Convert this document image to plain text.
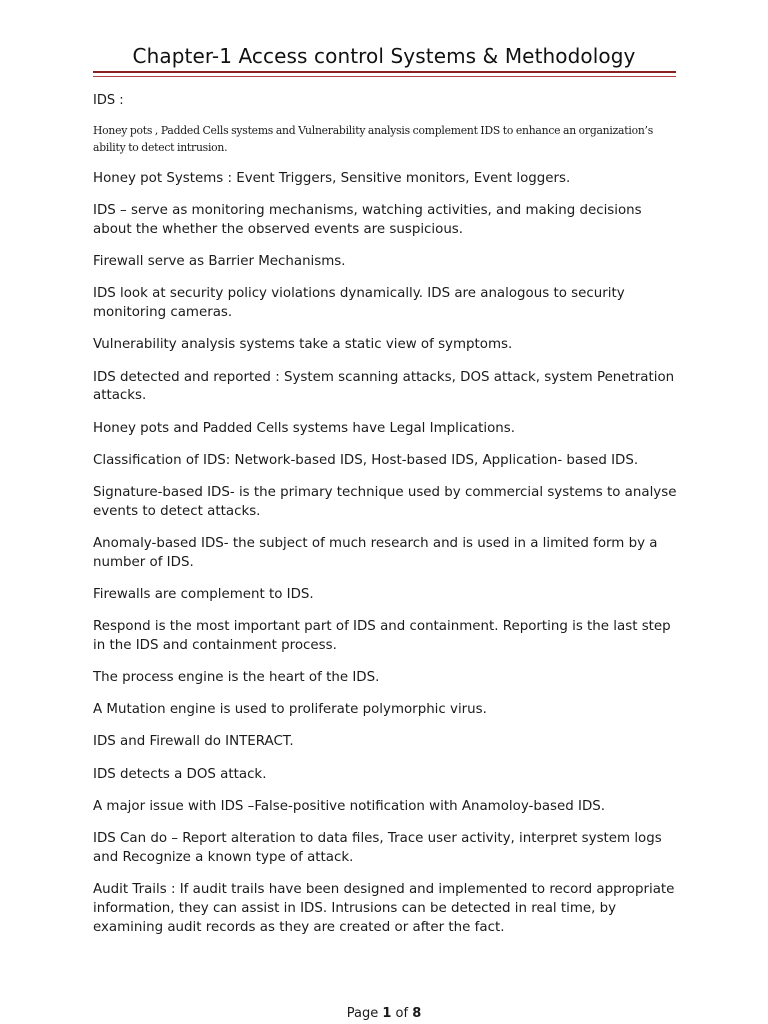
Chapter-1 Access control Systems & Methodology
IDS :
Honey pots , Padded Cells systems and Vulnerability analysis complement IDS to enhance an organization’s ability to detect intrusion.

Honey pot Systems : Event Triggers, Sensitive monitors, Event loggers.

IDS – serve as monitoring mechanisms, watching activities, and making decisions about the whether the observed events are suspicious.

Firewall serve as Barrier Mechanisms.

IDS look at security policy violations dynamically. IDS are analogous to security monitoring cameras.

Vulnerability analysis systems take a static view of symptoms.

IDS detected and reported : System scanning attacks, DOS attack, system Penetration attacks.

Honey pots and Padded Cells systems have Legal Implications.

Classification of IDS: Network-based IDS, Host-based IDS, Application- based IDS.

Signature-based IDS- is the primary technique used by commercial systems to analyse events to detect attacks.

Anomaly-based IDS- the subject of much research and is used in a limited form by a number of IDS.

Firewalls are complement to IDS.

Respond is the most important part of IDS and containment. Reporting is the last step in the IDS and containment process.

The process engine is the heart of the IDS.

A Mutation engine is used to proliferate polymorphic virus.

IDS and Firewall do INTERACT.

IDS detects a DOS attack.

A major issue with IDS –False-positive notification with Anamoloy-based IDS.

IDS Can do – Report alteration to data files, Trace user activity, interpret system logs and Recognize a known type of attack.

Audit Trails : If audit trails have been designed and implemented to record appropriate information, they can assist in IDS. Intrusions can be detected in real time, by examining audit records as they are created or after the fact.

Page 1 of 8
